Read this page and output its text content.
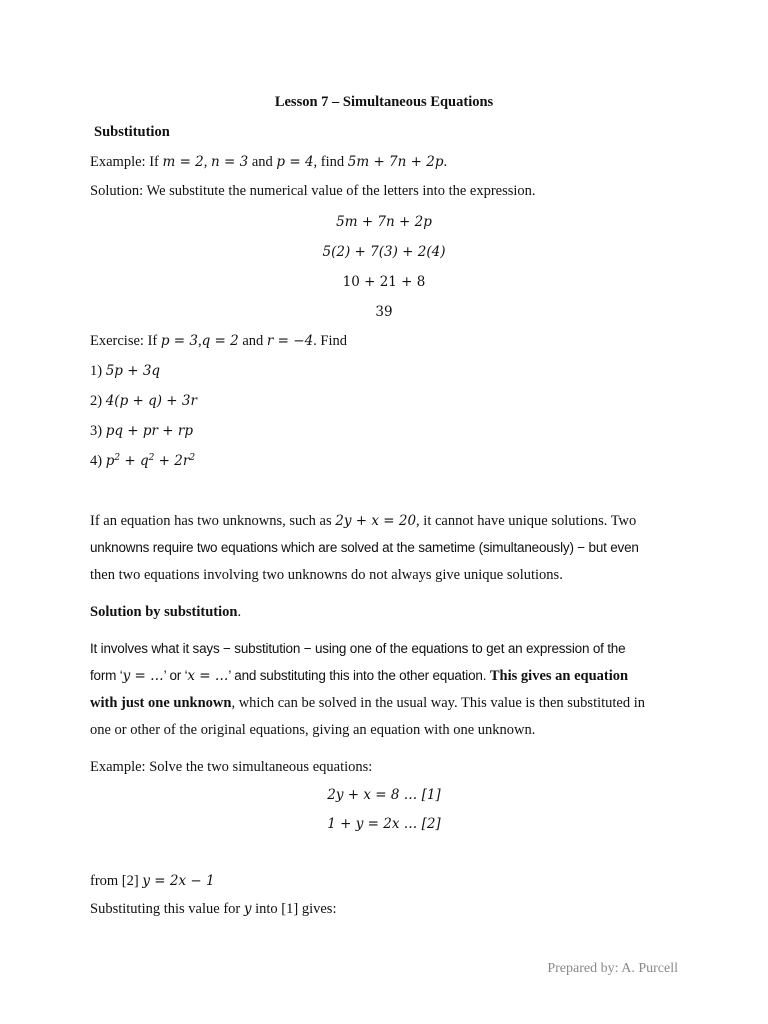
Lesson 7 – Simultaneous Equations
Substitution
Example: If m = 2, n = 3 and p = 4, find 5m + 7n + 2p.
Solution: We substitute the numerical value of the letters into the expression.
5m + 7n + 2p
5(2) + 7(3) + 2(4)
10 + 21 + 8
39
Exercise: If p = 3,q = 2 and r = −4. Find
1) 5p + 3q
2) 4(p + q) + 3r
3) pq + pr + rp
4) $p^2 + q^2 + 2r^2$
If an equation has two unknowns, such as 2y + x = 20, it cannot have unique solutions. Two
unknowns require two equations which are solved at the sametime (simultaneously) − but even
then two equations involving two unknowns do not always give unique solutions.
Solution by substitution.
It involves what it says − substitution − using one of the equations to get an expression of the
form ‘y = …’ or ‘x = …’ and substituting this into the other equation. This gives an equation
with just one unknown, which can be solved in the usual way. This value is then substituted in
one or other of the original equations, giving an equation with one unknown.
Example: Solve the two simultaneous equations:
2y + x = 8 … [1]
1 + y = 2x … [2]
from [2] y = 2x − 1
Substituting this value for y into [1] gives:
Prepared by: A. Purcell
